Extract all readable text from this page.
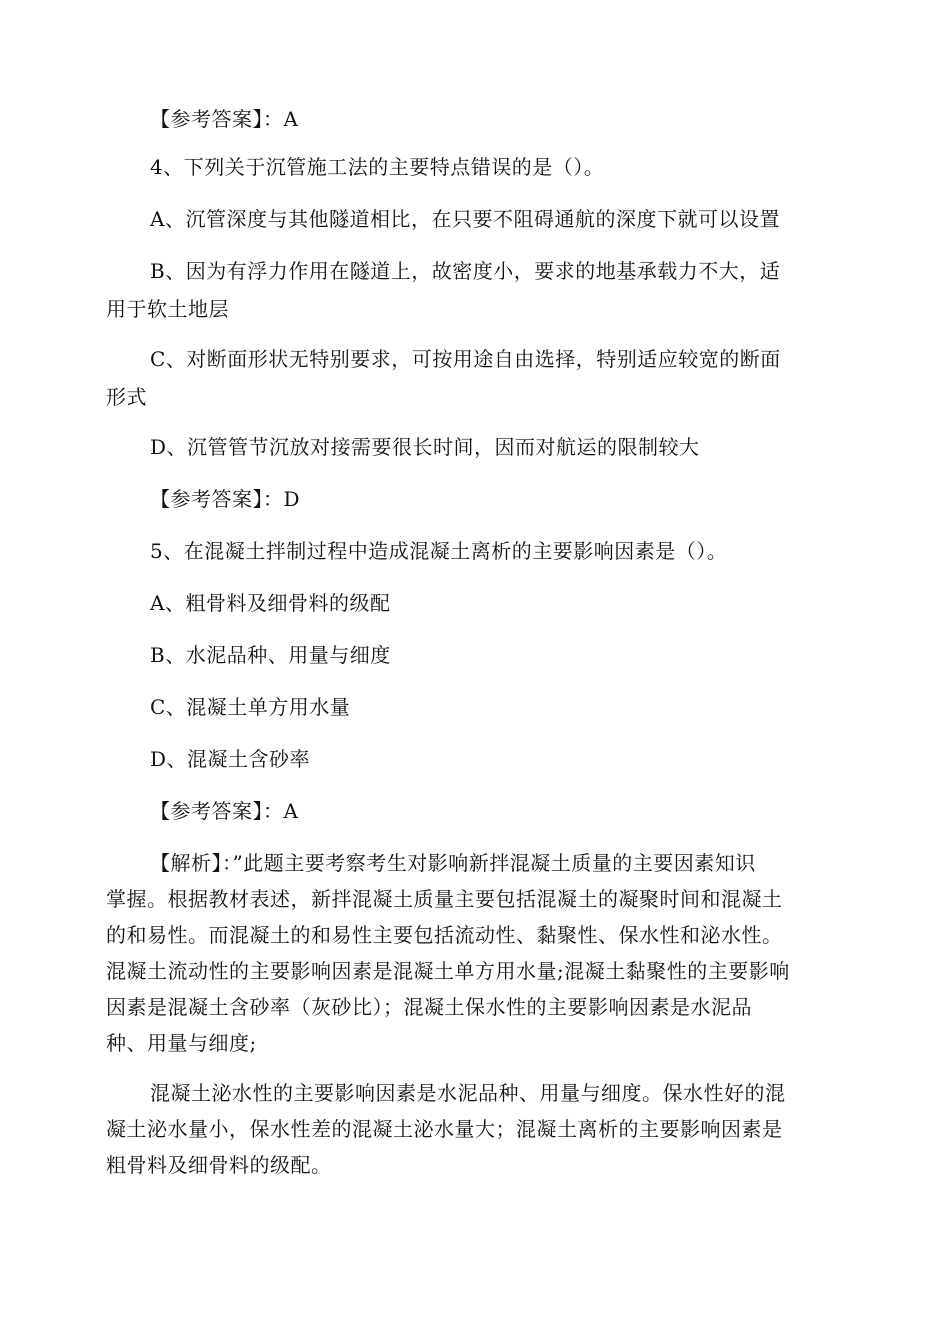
【参考答案】：A
4、下列关于沉管施工法的主要特点错误的是（）。
A、沉管深度与其他隧道相比，在只要不阻碍通航的深度下就可以设置
B、因为有浮力作用在隧道上，故密度小，要求的地基承载力不大，适
用于软土地层
C、对断面形状无特别要求，可按用途自由选择，特别适应较宽的断面
形式
D、沉管管节沉放对接需要很长时间，因而对航运的限制较大
【参考答案】：D
5、在混凝土拌制过程中造成混凝土离析的主要影响因素是（）。
A、粗骨料及细骨料的级配
B、水泥品种、用量与细度
C、混凝土单方用水量
D、混凝土含砂率
【参考答案】：A
【解析】：”此题主要考察考生对影响新拌混凝土质量的主要因素知识
掌握。根据教材表述，新拌混凝土质量主要包括混凝土的凝聚时间和混凝土
的和易性。而混凝土的和易性主要包括流动性、黏聚性、保水性和泌水性。
混凝土流动性的主要影响因素是混凝土单方用水量;混凝土黏聚性的主要影响
因素是混凝土含砂率（灰砂比）；混凝土保水性的主要影响因素是水泥品
种、用量与细度;
混凝土泌水性的主要影响因素是水泥品种、用量与细度。保水性好的混
凝土泌水量小，保水性差的混凝土泌水量大；混凝土离析的主要影响因素是
粗骨料及细骨料的级配。
